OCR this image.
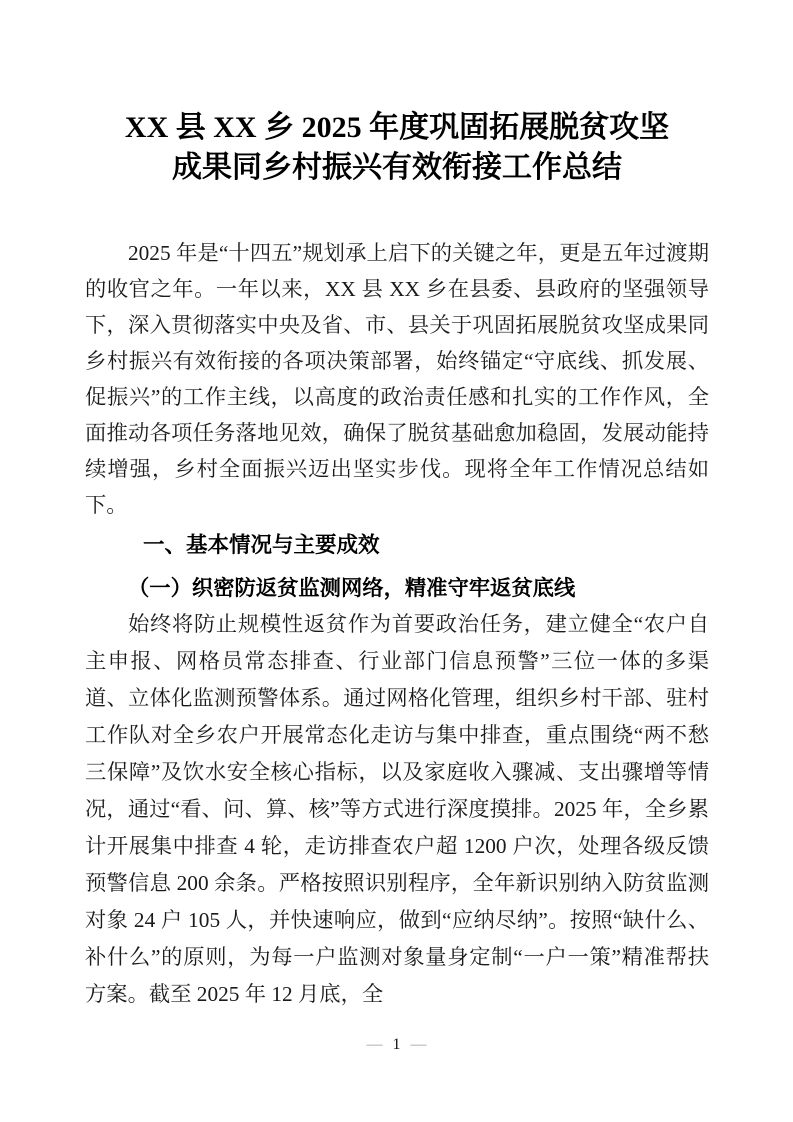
XX 县 XX 乡 2025 年度巩固拓展脱贫攻坚
成果同乡村振兴有效衔接工作总结

2025 年是“十四五”规划承上启下的关键之年，更是五年过渡期的收官之年。一年以来，XX 县 XX 乡在县委、县政府的坚强领导下，深入贯彻落实中央及省、市、县关于巩固拓展脱贫攻坚成果同乡村振兴有效衔接的各项决策部署，始终锚定“守底线、抓发展、促振兴”的工作主线，以高度的政治责任感和扎实的工作作风，全面推动各项任务落地见效，确保了脱贫基础愈加稳固，发展动能持续增强，乡村全面振兴迈出坚实步伐。现将全年工作情况总结如下。

一、基本情况与主要成效
（一）织密防返贫监测网络，精准守牢返贫底线

始终将防止规模性返贫作为首要政治任务，建立健全“农户自主申报、网格员常态排查、行业部门信息预警”三位一体的多渠道、立体化监测预警体系。通过网格化管理，组织乡村干部、驻村工作队对全乡农户开展常态化走访与集中排查，重点围绕“两不愁三保障”及饮水安全核心指标，以及家庭收入骤减、支出骤增等情况，通过“看、问、算、核”等方式进行深度摸排。2025 年，全乡累计开展集中排查 4 轮，走访排查农户超 1200 户次，处理各级反馈预警信息 200 余条。严格按照识别程序，全年新识别纳入防贫监测对象 24 户 105 人，并快速响应，做到“应纳尽纳”。按照“缺什么、补什么”的原则，为每一户监测对象量身定制“一户一策”精准帮扶方案。截至 2025 年 12 月底，全

— 1 —
